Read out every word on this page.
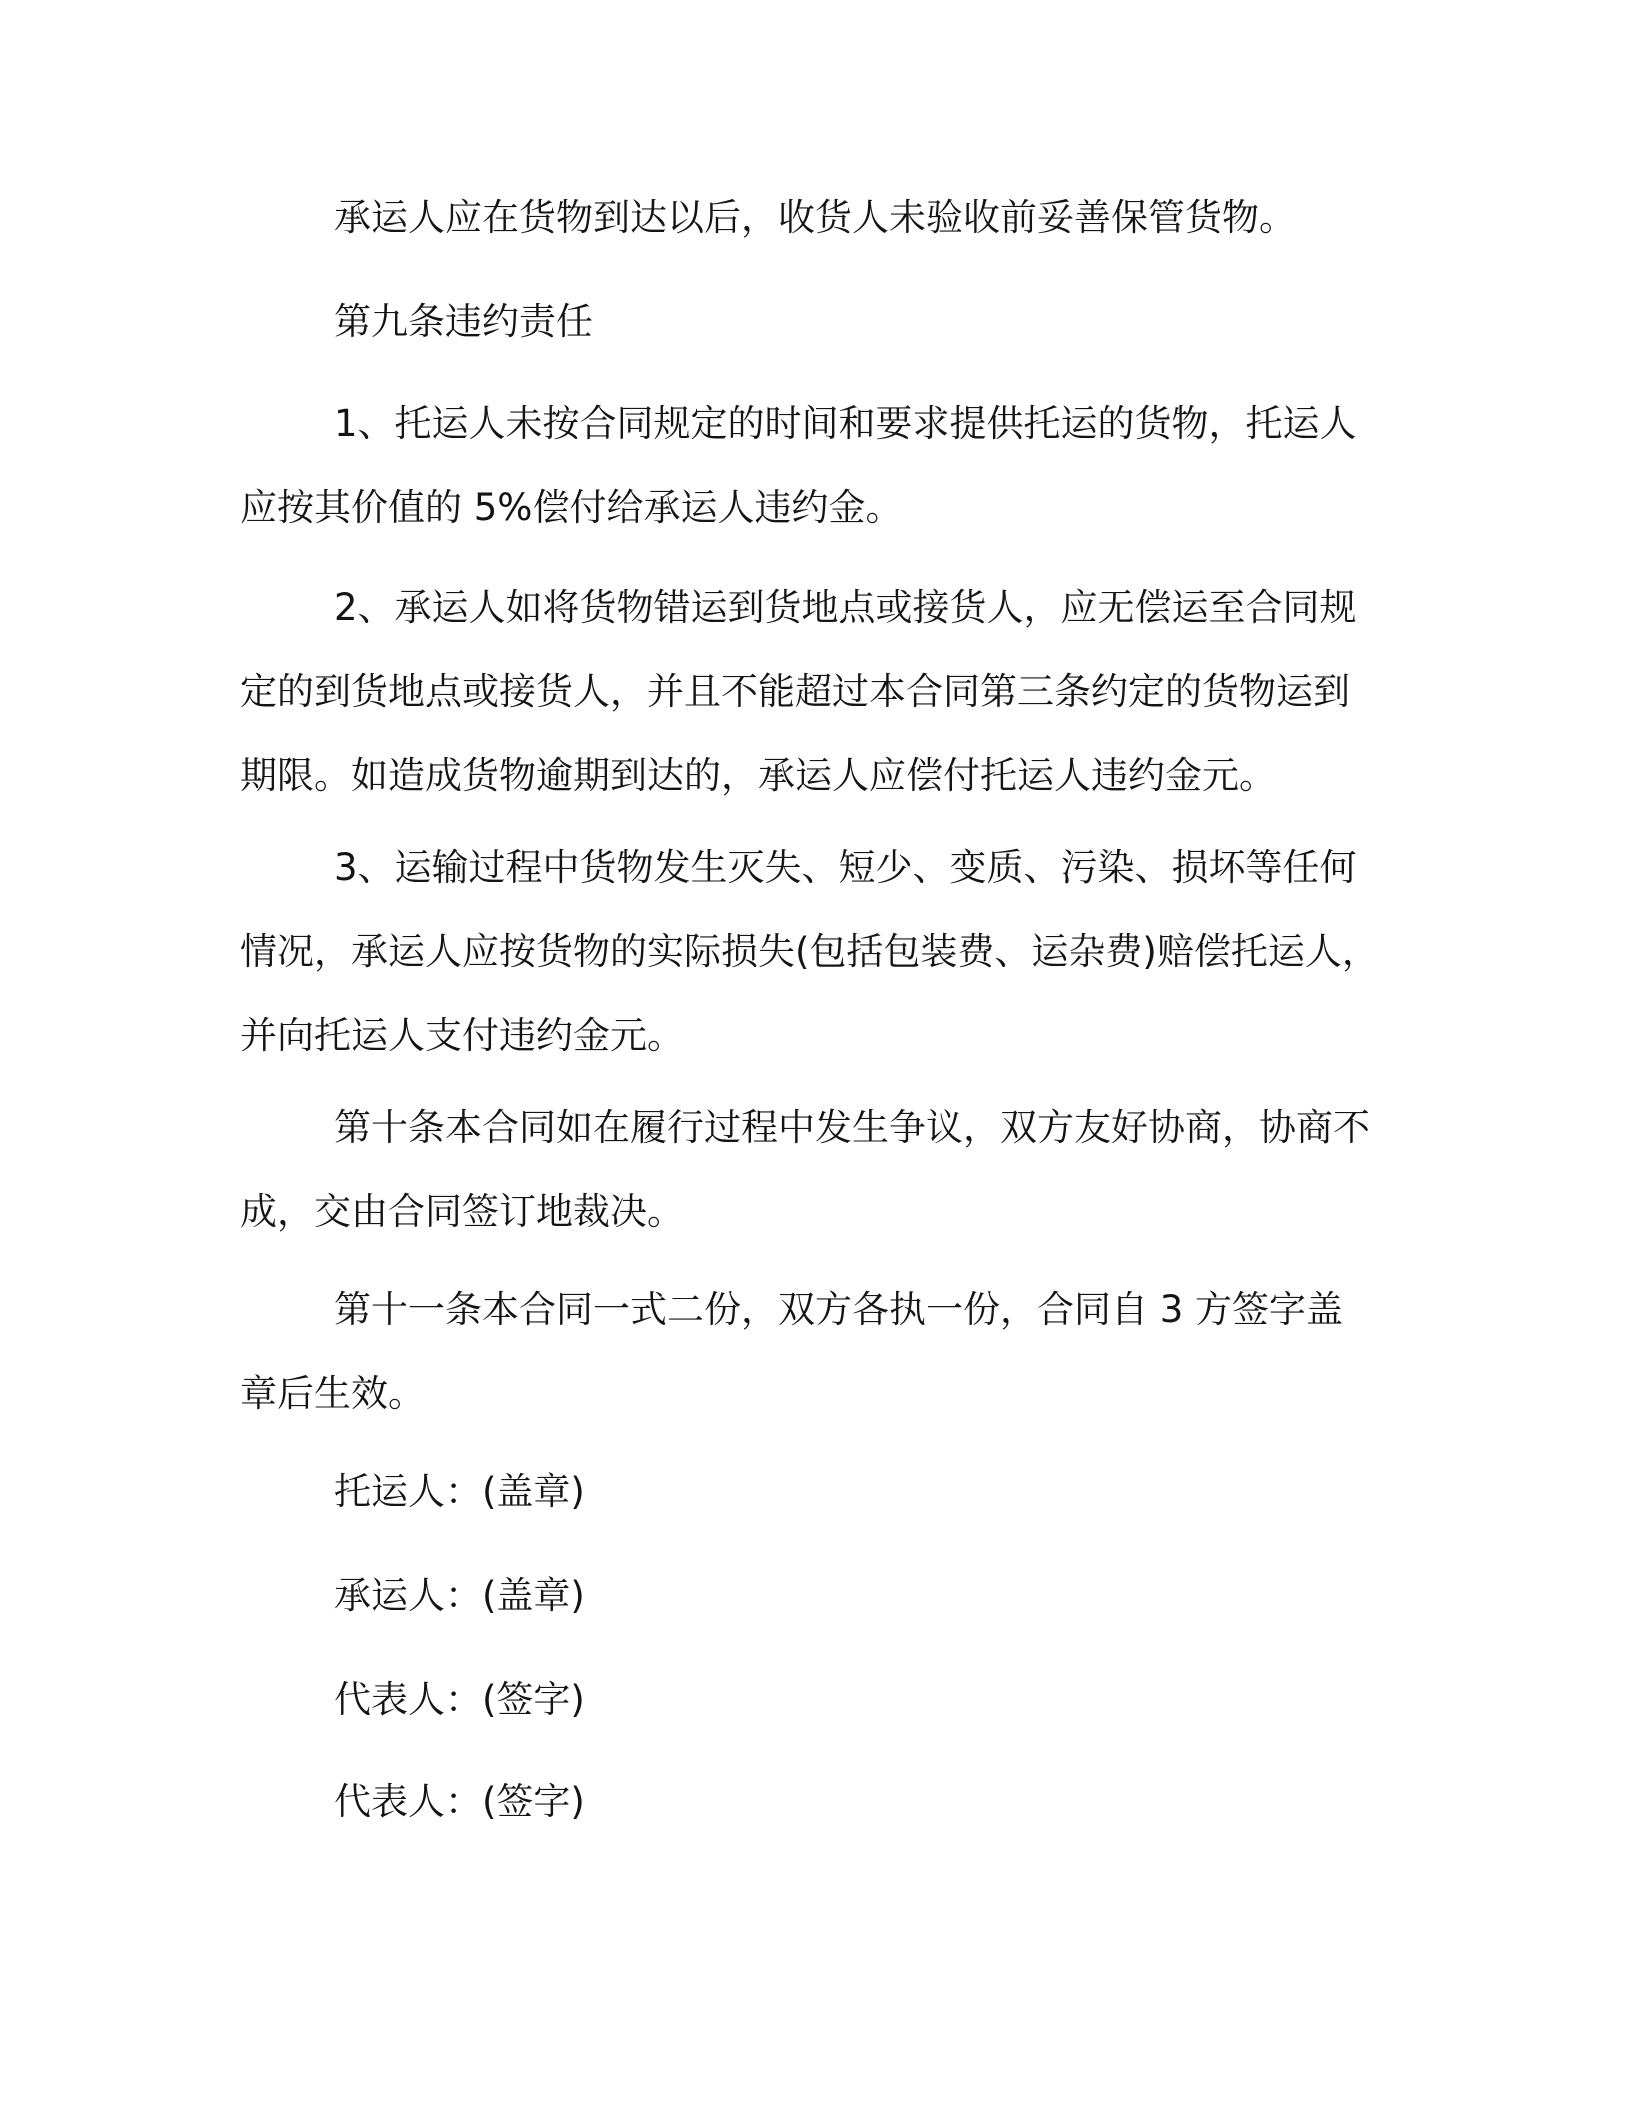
承运人应在货物到达以后，收货人未验收前妥善保管货物。

第九条违约责任

1、托运人未按合同规定的时间和要求提供托运的货物，托运人应按其价值的 5%偿付给承运人违约金。

2、承运人如将货物错运到货地点或接货人，应无偿运至合同规定的到货地点或接货人，并且不能超过本合同第三条约定的货物运到期限。如造成货物逾期到达的，承运人应偿付托运人违约金元。

3、运输过程中货物发生灭失、短少、变质、污染、损坏等任何情况，承运人应按货物的实际损失(包括包装费、运杂费)赔偿托运人，并向托运人支付违约金元。

第十条本合同如在履行过程中发生争议，双方友好协商，协商不成，交由合同签订地裁决。

第十一条本合同一式二份，双方各执一份，合同自 3 方签字盖章后生效。

托运人：(盖章)

承运人：(盖章)

代表人：(签字)

代表人：(签字)
